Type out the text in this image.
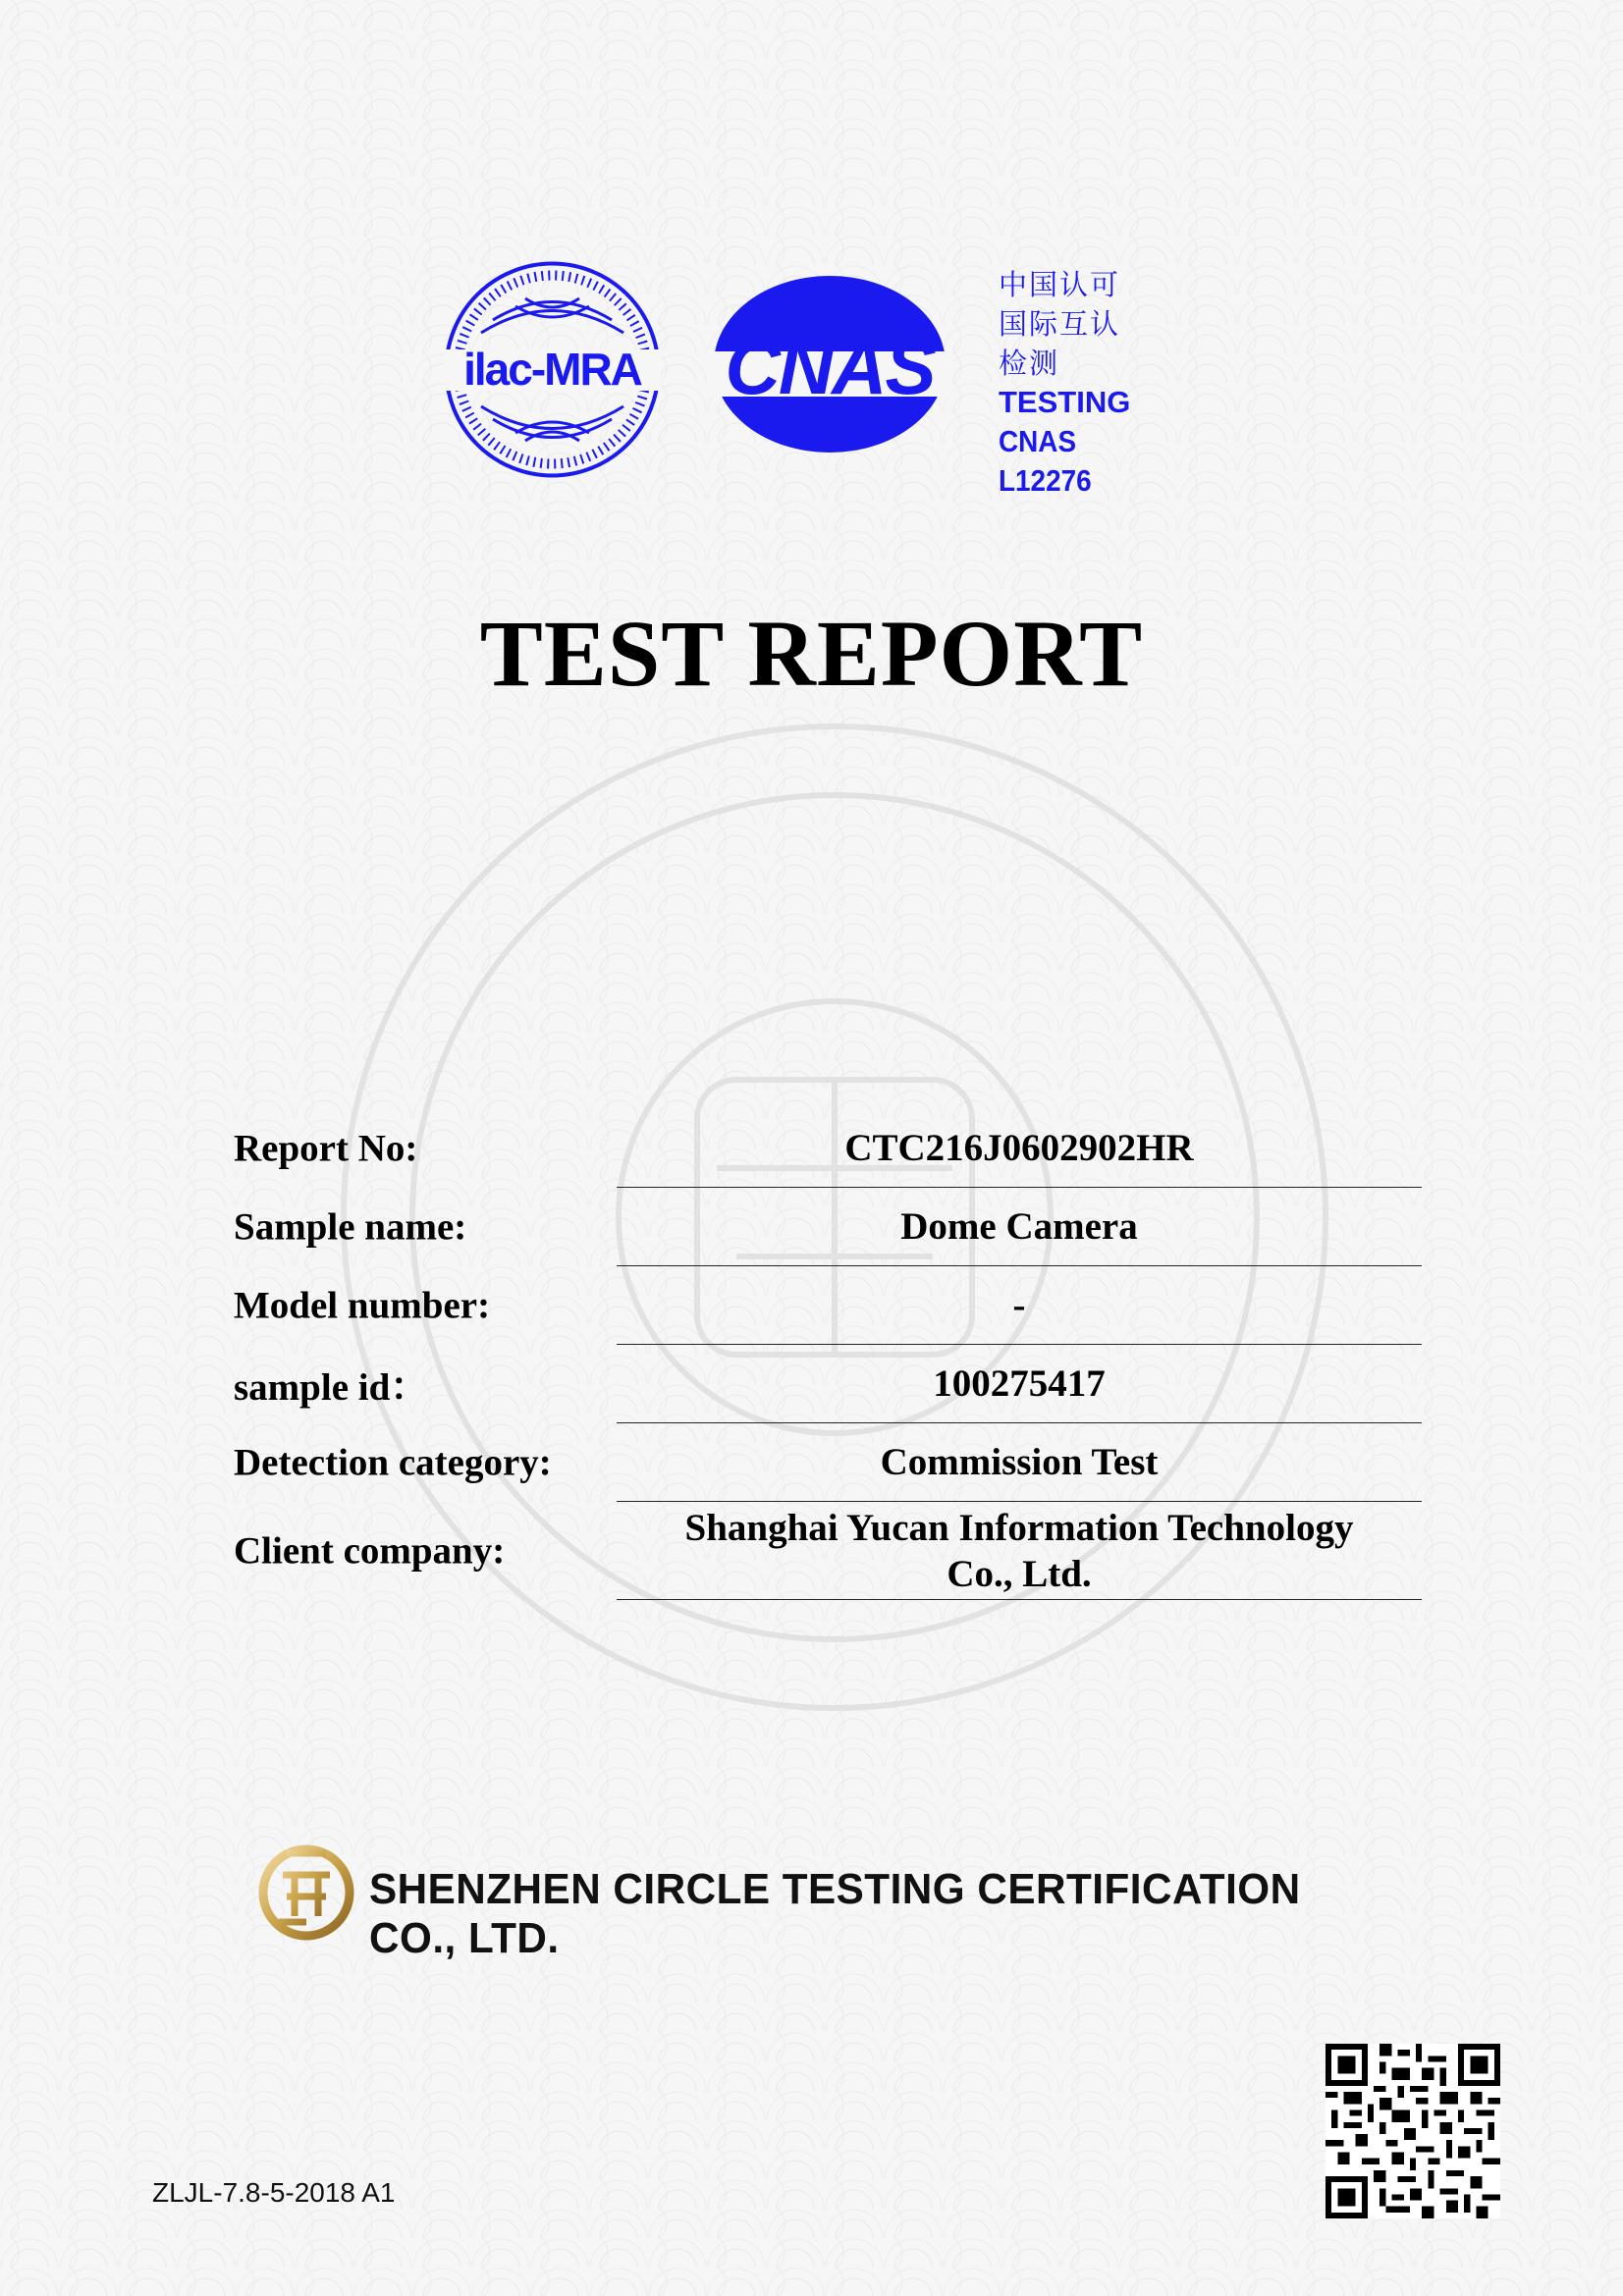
ilac-MRA CNAS
中国认可
国际互认
检测
TESTING
CNAS L12276
TEST REPORT
Report No:	CTC216J0602902HR
Sample name:	Dome Camera
Model number:	-
sample id：	100275417
Detection category:	Commission Test
Client company:
Shanghai Yucan Information Technology Co., Ltd.
SHENZHEN CIRCLE TESTING CERTIFICATION CO., LTD.
ZLJL-7.8-5-2018 A1
